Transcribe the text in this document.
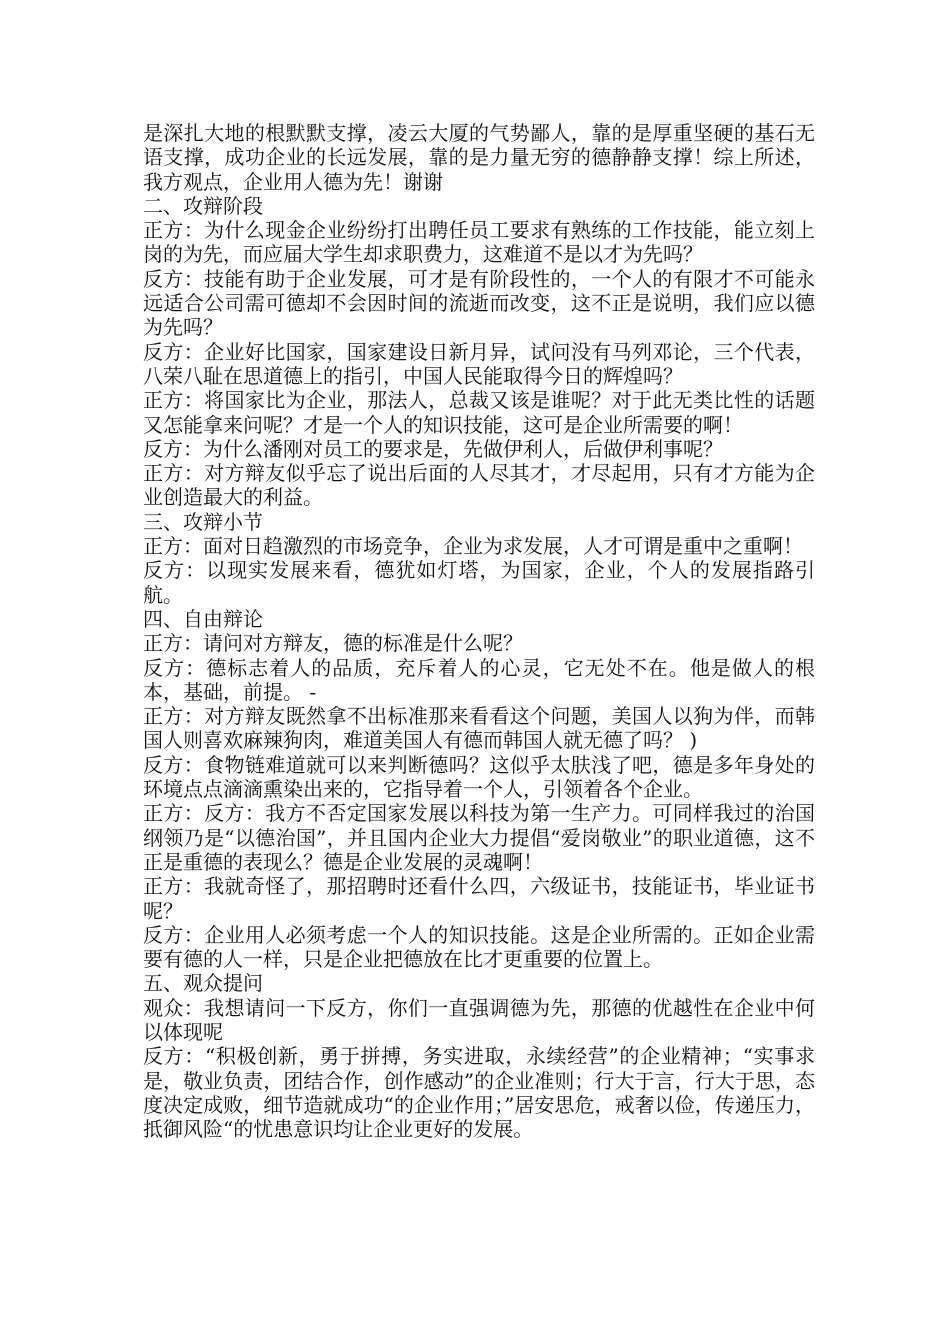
是深扎大地的根默默支撑，凌云大厦的气势鄙人，靠的是厚重坚硬的基石无语支撑，成功企业的长远发展，靠的是力量无穷的德静静支撑！综上所述，我方观点，企业用人德为先！谢谢

二、攻辩阶段

正方：为什么现金企业纷纷打出聘任员工要求有熟练的工作技能，能立刻上岗的为先，而应届大学生却求职费力，这难道不是以才为先吗？

反方：技能有助于企业发展，可才是有阶段性的，一个人的有限才不可能永远适合公司需可德却不会因时间的流逝而改变，这不正是说明，我们应以德为先吗？

反方：企业好比国家，国家建设日新月异，试问没有马列邓论，三个代表，八荣八耻在思道德上的指引，中国人民能取得今日的辉煌吗？

正方：将国家比为企业，那法人，总裁又该是谁呢？对于此无类比性的话题又怎能拿来问呢？才是一个人的知识技能，这可是企业所需要的啊！

反方：为什么潘刚对员工的要求是，先做伊利人，后做伊利事呢？

正方：对方辩友似乎忘了说出后面的人尽其才，才尽起用，只有才方能为企业创造最大的利益。

三、攻辩小节

正方：面对日趋激烈的市场竞争，企业为求发展，人才可谓是重中之重啊！

反方：以现实发展来看，德犹如灯塔，为国家，企业，个人的发展指路引航。

四、自由辩论

正方：请问对方辩友，德的标准是什么呢？

反方：德标志着人的品质，充斥着人的心灵，它无处不在。他是做人的根本，基础，前提。 -

正方：对方辩友既然拿不出标准那来看看这个问题，美国人以狗为伴，而韩国人则喜欢麻辣狗肉，难道美国人有德而韩国人就无德了吗？ )

反方：食物链难道就可以来判断德吗？这似乎太肤浅了吧，德是多年身处的环境点点滴滴熏染出来的，它指导着一个人，引领着各个企业。

正方：反方：我方不否定国家发展以科技为第一生产力。可同样我过的治国纲领乃是“以德治国”，并且国内企业大力提倡“爱岗敬业”的职业道德，这不正是重德的表现么？德是企业发展的灵魂啊！

正方：我就奇怪了，那招聘时还看什么四，六级证书，技能证书，毕业证书呢？

反方：企业用人必须考虑一个人的知识技能。这是企业所需的。正如企业需要有德的人一样，只是企业把德放在比才更重要的位置上。

五、观众提问

观众：我想请问一下反方，你们一直强调德为先，那德的优越性在企业中何以体现呢

反方：“积极创新，勇于拼搏，务实进取，永续经营”的企业精神；“实事求是，敬业负责，团结合作，创作感动”的企业准则；行大于言，行大于思，态度决定成败，细节造就成功“的企业作用；”居安思危，戒奢以俭，传递压力，抵御风险“的忧患意识均让企业更好的发展。
